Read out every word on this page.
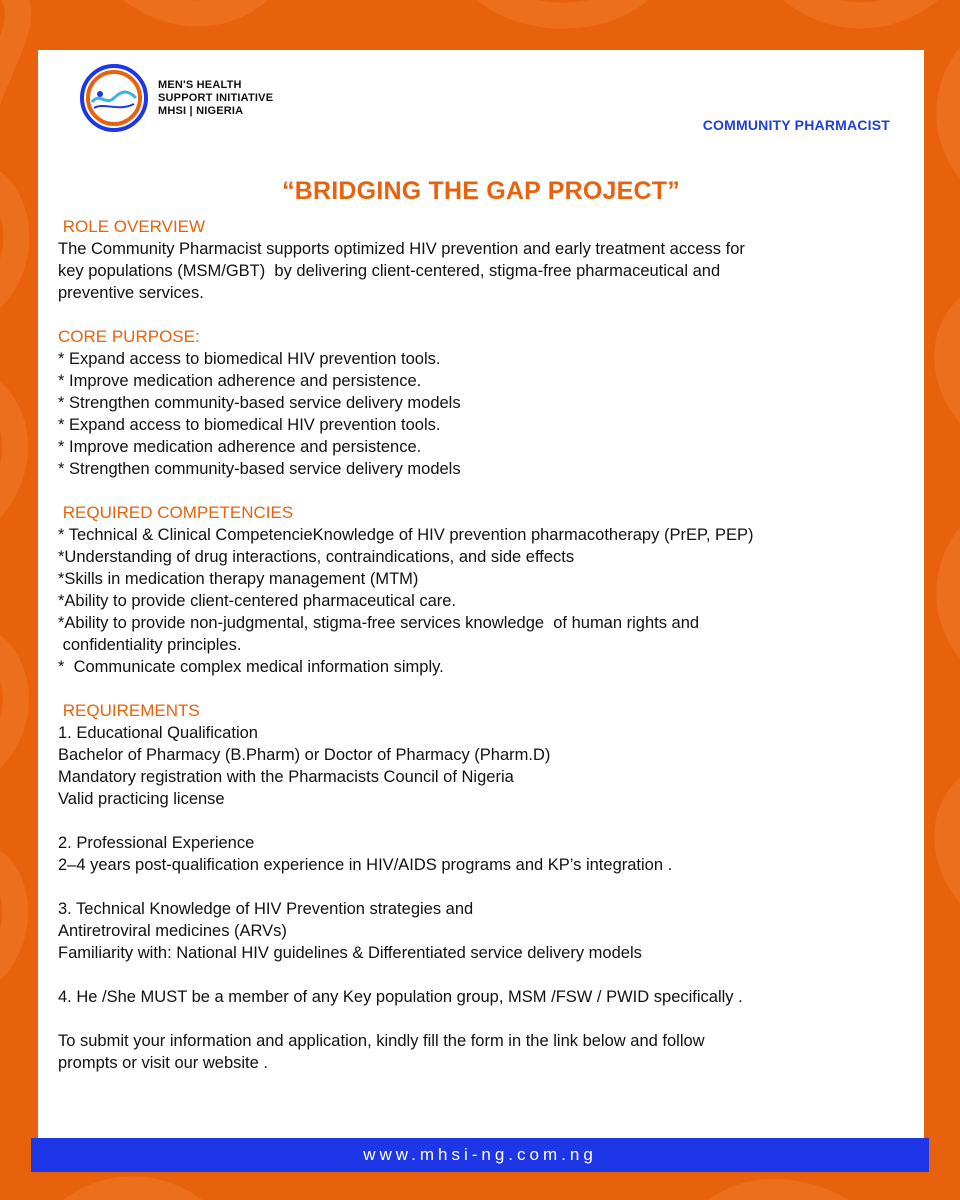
MEN'S HEALTH
SUPPORT INITIATIVE
MHSI | NIGERIA
COMMUNITY PHARMACIST
“BRIDGING THE GAP PROJECT”
ROLE OVERVIEW
The Community Pharmacist supports optimized HIV prevention and early treatment access for
key populations (MSM/GBT)  by delivering client-centered, stigma-free pharmaceutical and
preventive services.
CORE PURPOSE:
* Expand access to biomedical HIV prevention tools.
* Improve medication adherence and persistence.
* Strengthen community-based service delivery models
* Expand access to biomedical HIV prevention tools.
* Improve medication adherence and persistence.
* Strengthen community-based service delivery models
REQUIRED COMPETENCIES
* Technical & Clinical CompetencieKnowledge of HIV prevention pharmacotherapy (PrEP, PEP)
*Understanding of drug interactions, contraindications, and side effects
*Skills in medication therapy management (MTM)
*Ability to provide client-centered pharmaceutical care.
*Ability to provide non-judgmental, stigma-free services knowledge  of human rights and
confidentiality principles.
*  Communicate complex medical information simply.
REQUIREMENTS
1. Educational Qualification
Bachelor of Pharmacy (B.Pharm) or Doctor of Pharmacy (Pharm.D)
Mandatory registration with the Pharmacists Council of Nigeria
Valid practicing license
2. Professional Experience
2–4 years post-qualification experience in HIV/AIDS programs and KP’s integration .
3. Technical Knowledge of HIV Prevention strategies and
Antiretroviral medicines (ARVs)
Familiarity with: National HIV guidelines & Differentiated service delivery models
4. He /She MUST be a member of any Key population group, MSM /FSW / PWID specifically .
To submit your information and application, kindly fill the form in the link below and follow
prompts or visit our website .
www.mhsi-ng.com.ng
